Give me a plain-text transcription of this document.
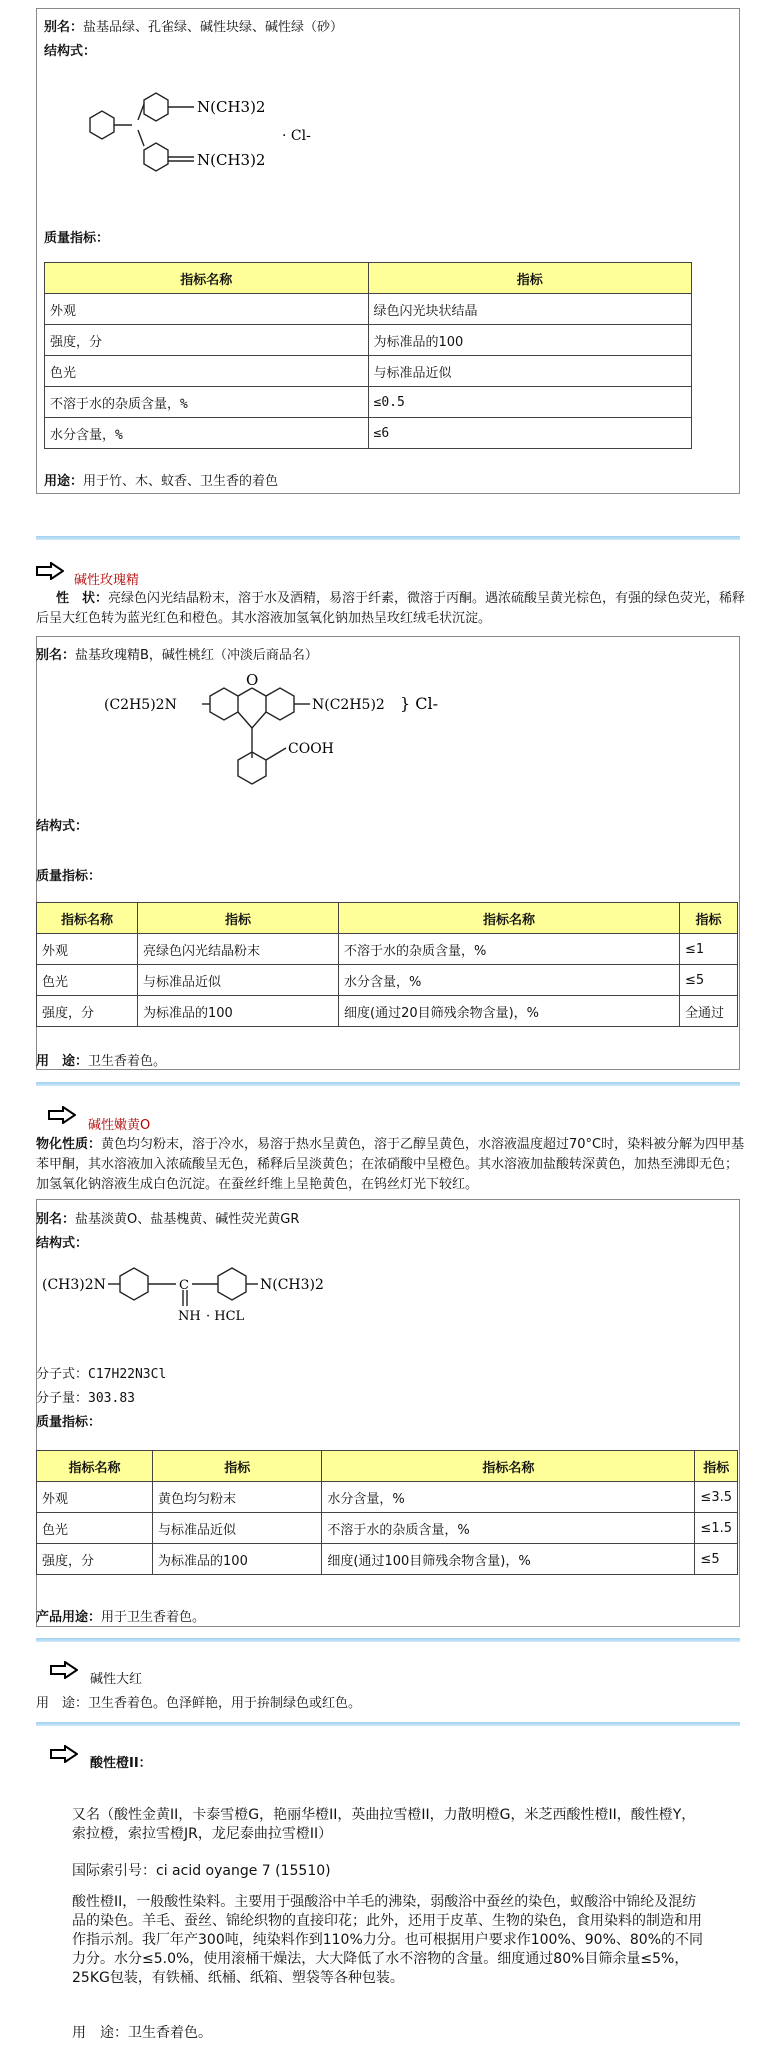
别名：盐基品绿、孔雀绿、碱性块绿、碱性绿（砂）
结构式：
N(CH3)2
N(CH3)2
· Cl-
质量指标：
指标名称	指标
外观	绿色闪光块状结晶
强度，分	为标准品的100
色光	与标准品近似
不溶于水的杂质含量，%	≤0.5
水分含量，%	≤6
用途：用于竹、木、蚊香、卫生香的着色
碱性玫瑰精
性　状：亮绿色闪光结晶粉末，溶于水及酒精，易溶于纤素，微溶于丙酮。遇浓硫酸呈黄光棕色，有强的绿色荧光，稀释后呈大红色转为蓝光红色和橙色。其水溶液加氢氧化钠加热呈玫红绒毛状沉淀。
别名：盐基玫瑰精B，碱性桃红（冲淡后商品名）
O
(C2H5)2N	N(C2H5)2 } Cl-
COOH
结构式：
质量指标：
指标名称	指标	指标名称	指标
外观	亮绿色闪光结晶粉末	不溶于水的杂质含量，%	≤1
色光	与标准品近似	水分含量，%	≤5
强度，分	为标准品的100	细度(通过20目筛残余物含量)，%	全通过
用　途：卫生香着色。
碱性嫩黄O
物化性质：黄色均匀粉末，溶于冷水，易溶于热水呈黄色，溶于乙醇呈黄色，水溶液温度超过70°C时，染料被分解为四甲基苯甲酮，其水溶液加入浓硫酸呈无色，稀释后呈淡黄色；在浓硝酸中呈橙色。其水溶液加盐酸转深黄色，加热至沸即无色；加氢氧化钠溶液生成白色沉淀。在蚕丝纤维上呈艳黄色，在钨丝灯光下较红。
别名：盐基淡黄O、盐基槐黄、碱性荧光黄GR
结构式：
(CH3)2N	C	N(CH3)2
NH · HCL
分子式：C17H22N3Cl
分子量：303.83
质量指标：
指标名称	指标	指标名称	指标
外观	黄色均匀粉末	水分含量，%	≤3.5
色光	与标准品近似	不溶于水的杂质含量，%	≤1.5
强度，分	为标准品的100	细度(通过100目筛残余物含量)，%	≤5
产品用途：用于卫生香着色。
碱性大红
用　途：卫生香着色。色泽鲜艳，用于拚制绿色或红色。
酸性橙II：
又名（酸性金黄II，卡泰雪橙G，艳丽华橙II，英曲拉雪橙II，力散明橙G，米芝西酸性橙II，酸性橙Y，索拉橙，索拉雪橙JR，龙尼泰曲拉雪橙II）
国际索引号：ci acid oyange 7 (15510)
酸性橙II，一般酸性染料。主要用于强酸浴中羊毛的沸染，弱酸浴中蚕丝的染色，蚁酸浴中锦纶及混纺品的染色。羊毛、蚕丝、锦纶织物的直接印花；此外，还用于皮革、生物的染色，食用染料的制造和用作指示剂。我厂年产300吨，纯染料作到110%力分。也可根据用户要求作100%、90%、80%的不同力分。水分≤5.0%，使用滚桶干燥法，大大降低了水不溶物的含量。细度通过80%目筛余量≤5%，25KG包装，有铁桶、纸桶、纸箱、塑袋等各种包装。
用　途：卫生香着色。
